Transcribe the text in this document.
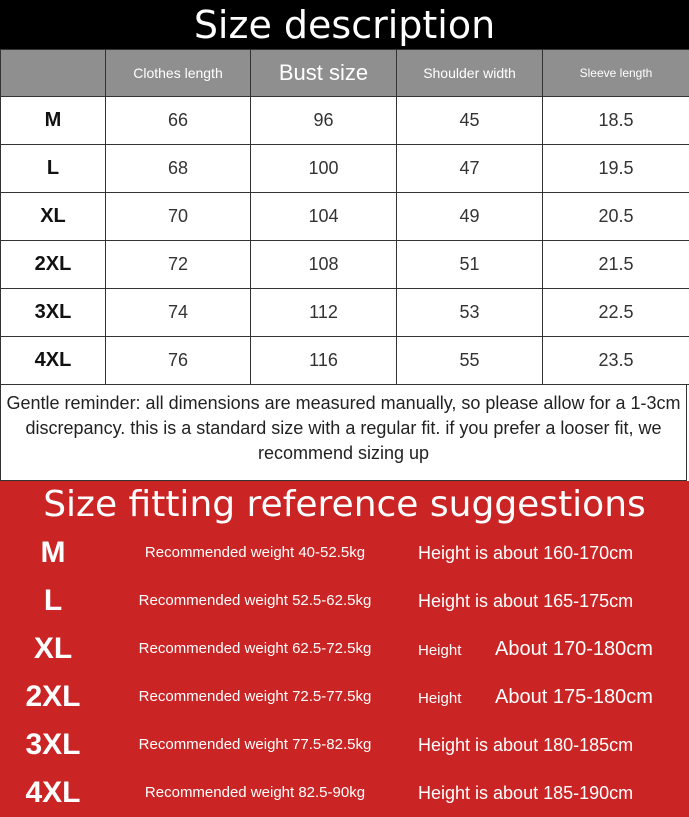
Size description
	Clothes length	Bust size	Shoulder width	Sleeve length
M	66	96	45	18.5
L	68	100	47	19.5
XL	70	104	49	20.5
2XL	72	108	51	21.5
3XL	74	112	53	22.5
4XL	76	116	55	23.5
Gentle reminder: all dimensions are measured manually, so please allow for a 1-3cm discrepancy. this is a standard size with a regular fit. if you prefer a looser fit, we recommend sizing up
Size fitting reference suggestions
M	Recommended weight 40-52.5kg	Height is about 160-170cm
L	Recommended weight 52.5-62.5kg	Height is about 165-175cm
XL	Recommended weight 62.5-72.5kg	Height About 170-180cm
2XL	Recommended weight 72.5-77.5kg	Height About 175-180cm
3XL	Recommended weight 77.5-82.5kg	Height is about 180-185cm
4XL	Recommended weight 82.5-90kg	Height is about 185-190cm
